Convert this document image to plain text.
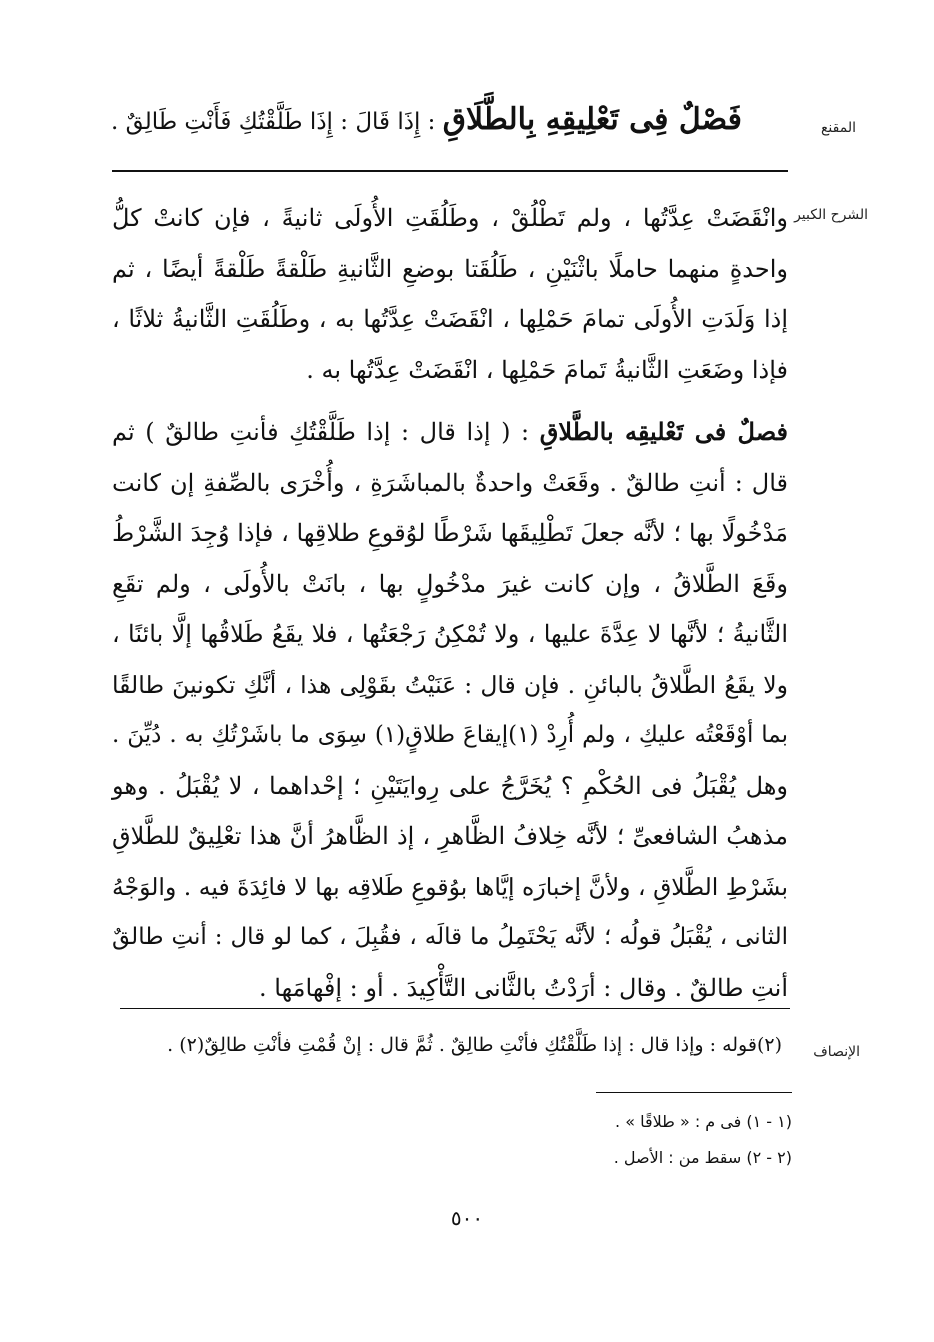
المقنع
الشرح الكبير
الإنصاف
فَصْلٌ فِى تَعْلِيقِهِ بِالطَّلَاقِ : إِذَا قَالَ : إِذَا طَلَّقْتُكِ فَأَنْتِ طَالِقٌ .

وانْقَضَتْ عِدَّتُها ، ولم تَطْلُقْ ، وطَلُقَتِ الأُولَى ثانيةً ، فإن كانتْ كلُّ

واحدةٍ منهما حاملًا باثْنَيْنِ ، طَلُقَتا بوضعِ الثَّانيةِ طَلْقةً طَلْقةً أيضًا ، ثم

إذا وَلَدَتِ الأُولَى تمامَ حَمْلِها ، انْقَضَتْ عِدَّتُها به ، وطَلُقَتِ الثَّانيةُ ثلاثًا ،

فإذا وضَعَتِ الثَّانيةُ تَمامَ حَمْلِها ، انْقَضَتْ عِدَّتُها به .

فصلٌ فى تَعْليقِه بالطَّلاقِ : ( إذا قال : إذا طَلَّقْتُكِ فأنتِ طالقٌ ) ثم

قال : أنتِ طالقٌ . وقَعَتْ واحدةٌ بالمباشَرَةِ ، وأُخْرَى بالصِّفةِ إن كانت

مَدْخُولًا بها ؛ لأنَّه جعلَ تَطْلِيقَها شَرْطًا لوُقوعِ طلاقِها ، فإذا وُجِدَ الشَّرْطُ

وقَعَ الطَّلاقُ ، وإن كانت غيرَ مدْخُولٍ بها ، بانَتْ بالأُولَى ، ولم تقَعِ

الثَّانيةُ ؛ لأنَّها لا عِدَّةَ عليها ، ولا تُمْكِنُ رَجْعَتُها ، فلا يقَعُ طَلاقُها إلَّا بائنًا ،

ولا يقَعُ الطَّلاقُ بالبائنِ . فإن قال : عَنَيْتُ بقَوْلِى هذا ، أنَّكِ تكونينَ طالقًا

بما أوْقَعْتُه عليكِ ، ولم أُرِدْ (١)إيقاعَ طلاقٍ(١) سِوَى ما باشَرْتُكِ به . دُيِّنَ .

وهل يُقْبَلُ فى الحُكْمِ ؟ يُخَرَّجُ على رِوايَتَيْنِ ؛ إحْداهما ، لا يُقْبَلُ . وهو

مذهبُ الشافعىِّ ؛ لأنَّه خِلافُ الظَّاهرِ ، إذ الظَّاهرُ أنَّ هذا تعْلِيقٌ للطَّلاقِ

بشَرْطِ الطَّلاقِ ، ولأنَّ إخبارَه إيَّاها بوُقوعِ طَلاقِه بها لا فائِدَةَ فيه . والوَجْهُ

الثانى ، يُقْبَلُ قولُه ؛ لأنَّه يَحْتَمِلُ ما قالَه ، فقُبِلَ ، كما لو قال : أنتِ طالقٌ

أنتِ طالقٌ . وقال : أرَدْتُ بالثَّانى التَّأْكِيدَ . أو : إفْهامَها .

(٢)قوله : وإذا قال : إذا طَلَّقْتُكِ فأنْتِ طالِقٌ . ثُمَّ قال : إنْ قُمْتِ فأنْتِ طالِقٌ(٢) .
(١ - ١) فى م : « طلاقًا » .
(٢ - ٢) سقط من : الأصل .
٥٠٠
